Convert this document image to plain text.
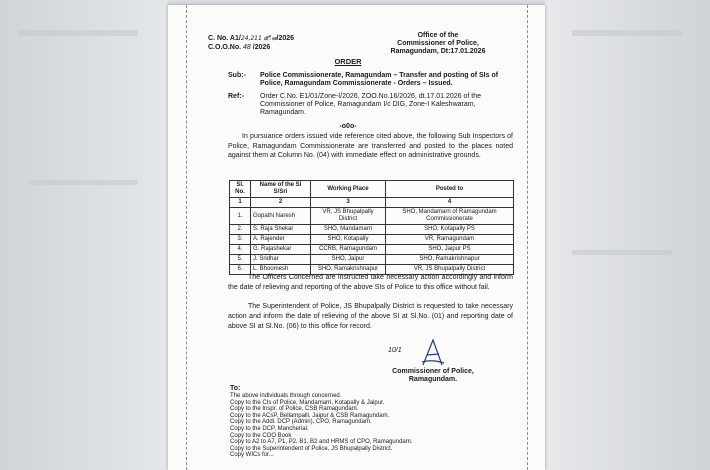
C. No. A1/24,211 జో.ఆ/2026
C.O.O.No. 48 /2026
Office of the
Commissioner of Police,
Ramagundam, Dt:17.01.2026
ORDER
Sub:- Police Commissionerate, Ramagundam – Transfer and posting of SIs of Police, Ramagundam Commissionerate - Orders – Issued.
Ref:- Order C.No. E1/01/Zone-I/2026, ZOO.No.16/2026, dt.17.01.2026 of the Commissioner of Police, Ramagundam I/c DIG, Zone-I Kaleshwaram, Ramagundam.
-o0o-
In pursuance orders issued vide reference cited above, the following Sub Inspectors of Police, Ramagundam Commissionerate are transferred and posted to the places noted against them at Column No. (04) with immediate effect on administrative grounds.
Sl. No.	Name of the SI S/Sri	Working Place	Posted to
1	2	3	4
1.	Gopathi Naresh	VR, JS Bhupalpally District	SHO, Mandamarri of Ramagundam Commissionerate
2.	S. Raja Shekar	SHO, Mandamarri	SHO, Kotapally PS
3.	A. Rajender	SHO, Kotapally	VR, Ramagundam
4.	G. Rajashekar	CCRB, Ramagundam	SHO, Jaipur PS
5.	J. Sridhar	SHO, Jaipur	SHO, Ramakrishnapur
6.	L. Bhoomesh	SHO, Ramakrishnapur	VR, JS Bhupalpally District
The Officers Concerned are instructed take necessary action accordingly and inform the date of relieving and reporting of the above SIs of Police to this office without fail.
The Superintendent of Police, JS Bhupalpally District is requested to take necessary action and inform the date of relieving of the above SI at Sl.No. (01) and reporting date of above SI at Sl.No. (06) to this office for record.
10/1
Commissioner of Police,
Ramagundam.
To:
The above individuals through concerned.
Copy to the CIs of Police, Mandamarri, Kotapally & Jaipur.
Copy to the Inspr. of Police, CSB Ramagundam.
Copy to the ACsP, Bellampalli, Jaipur & CSB Ramagundam.
Copy to the Addl. DCP (Admin), CPO, Ramagundam.
Copy to the DCP, Mancherial.
Copy to the COO Book
Copy to A2 to A7, P1, P2, B1, B2 and HRMS of CPO, Ramagundam.
Copy to the Superintendent of Police, JS Bhupalpally District.
Copy WICs for...
